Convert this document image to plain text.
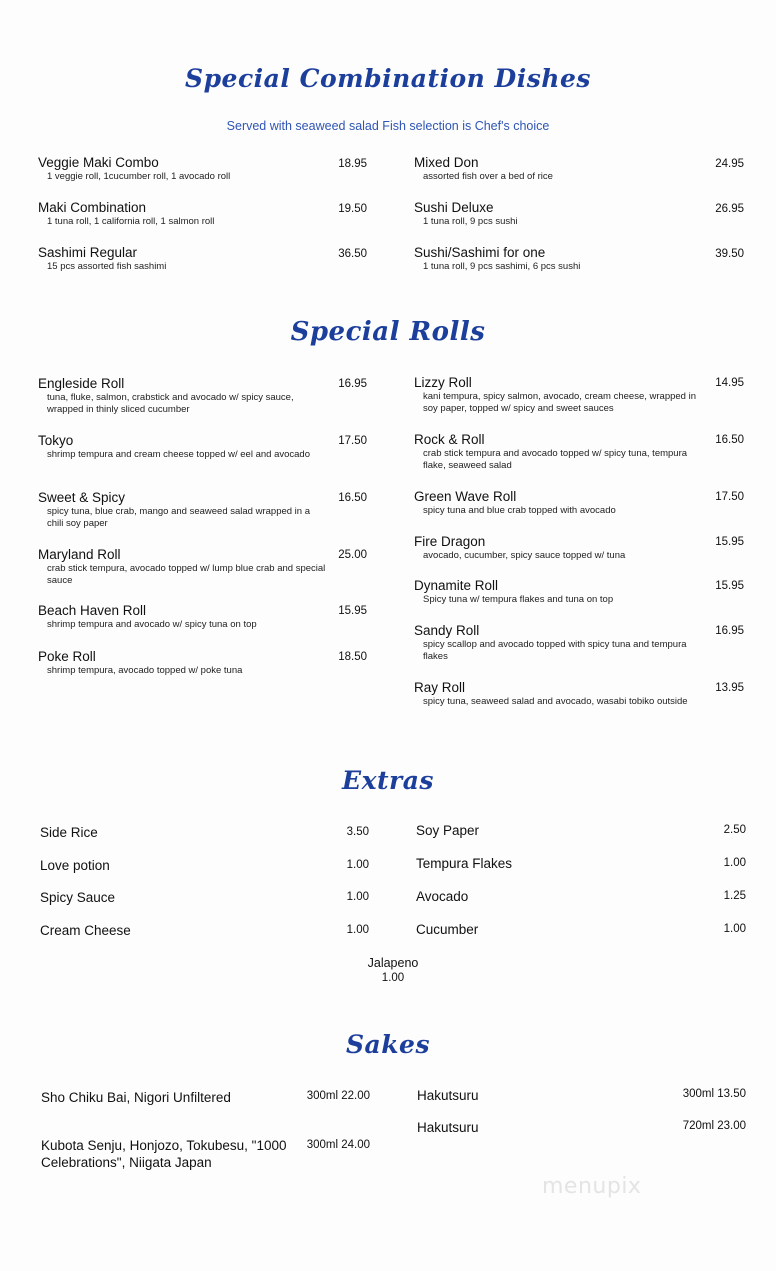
Special Combination Dishes
Served with seaweed salad Fish selection is Chef's choice
Veggie Maki Combo
1 veggie roll, 1cucumber roll, 1 avocado roll
18.95
Maki Combination
1 tuna roll, 1 california roll, 1 salmon roll
19.50
Sashimi Regular
15 pcs assorted fish sashimi
36.50
Mixed Don
assorted fish over a bed of rice
24.95
Sushi Deluxe
1 tuna roll, 9 pcs sushi
26.95
Sushi/Sashimi for one
1 tuna roll, 9 pcs sashimi, 6 pcs sushi
39.50
Special Rolls
Engleside Roll
tuna, fluke, salmon, crabstick and avocado w/ spicy sauce, wrapped in thinly sliced cucumber
16.95
Tokyo
shrimp tempura and cream cheese topped w/ eel and avocado
17.50
Sweet & Spicy
spicy tuna, blue crab, mango and seaweed salad wrapped in a chili soy paper
16.50
Maryland Roll
crab stick tempura, avocado topped w/ lump blue crab and special sauce
25.00
Beach Haven Roll
shrimp tempura and avocado w/ spicy tuna on top
15.95
Poke Roll
shrimp tempura, avocado topped w/ poke tuna
18.50
Lizzy Roll
kani tempura, spicy salmon, avocado, cream cheese, wrapped in soy paper, topped w/ spicy and sweet sauces
14.95
Rock & Roll
crab stick tempura and avocado topped w/ spicy tuna, tempura flake, seaweed salad
16.50
Green Wave Roll
spicy tuna and blue crab topped with avocado
17.50
Fire Dragon
avocado, cucumber, spicy sauce topped w/ tuna
15.95
Dynamite Roll
Spicy tuna w/ tempura flakes and tuna on top
15.95
Sandy Roll
spicy scallop and avocado topped with spicy tuna and tempura flakes
16.95
Ray Roll
spicy tuna, seaweed salad and avocado, wasabi tobiko outside
13.95
Extras
Side Rice	3.50
Love potion	1.00
Spicy Sauce	1.00
Cream Cheese	1.00
Soy Paper	2.50
Tempura Flakes	1.00
Avocado	1.25
Cucumber	1.00
Jalapeno
1.00
Sakes
Sho Chiku Bai, Nigori Unfiltered	300ml 22.00
Kubota Senju, Honjozo, Tokubesu, "1000 Celebrations", Niigata Japan
300ml 24.00
Hakutsuru	300ml 13.50
Hakutsuru	720ml 23.00
menupix
